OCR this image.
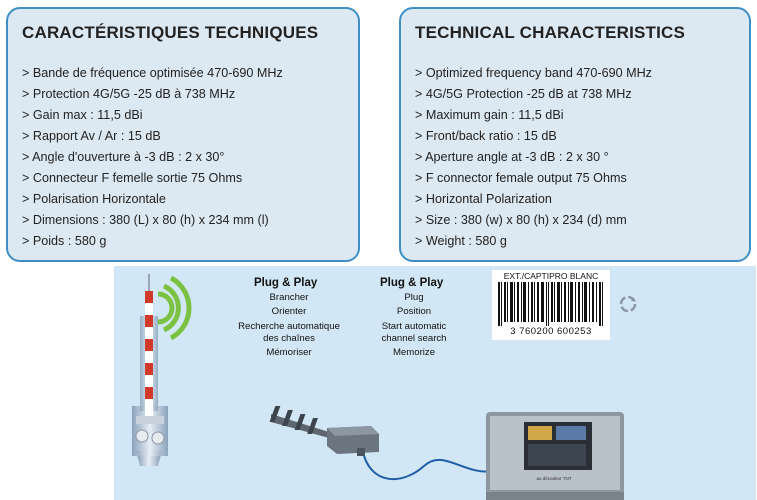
CARACTÉRISTIQUES TECHNIQUES
> Bande de fréquence optimisée 470-690 MHz
> Protection 4G/5G -25 dB à 738 MHz
> Gain max : 11,5 dBi
> Rapport Av / Ar : 15 dB
> Angle d'ouverture à -3 dB : 2 x 30°
> Connecteur F femelle sortie 75 Ohms
> Polarisation Horizontale
> Dimensions : 380 (L) x 80 (h) x 234 mm (l)
> Poids : 580 g
TECHNICAL CHARACTERISTICS
> Optimized frequency band 470-690 MHz
> 4G/5G Protection -25 dB at 738 MHz
> Maximum gain : 11,5 dBi
> Front/back ratio : 15 dB
> Aperture angle at -3 dB : 2 x 30 °
> F connector female output 75 Ohms
> Horizontal Polarization
> Size : 380 (w) x 80 (h) x 234 (d) mm
> Weight : 580 g
Plug & Play
Brancher
Orienter
Recherche automatique
des chaînes
Mémoriser
Plug & Play
Plug
Position
Start automatic
channel search
Memorize
EXT./CAPTIPRO BLANC
3 760200 600253
au décodeur TNT
